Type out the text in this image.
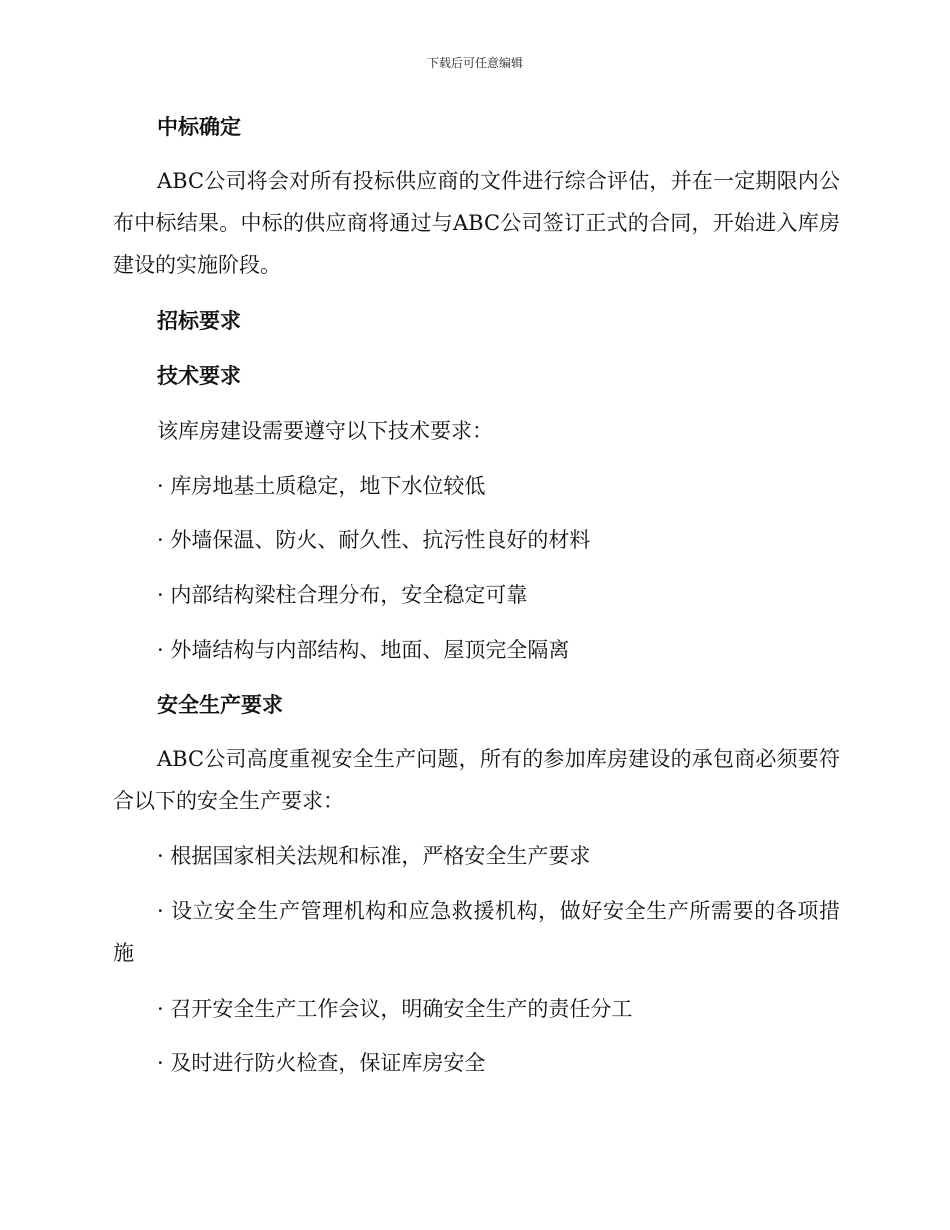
下载后可任意编辑
中标确定
ABC公司将会对所有投标供应商的文件进行综合评估，并在一定期限内公布中标结果。中标的供应商将通过与ABC公司签订正式的合同，开始进入库房建设的实施阶段。
招标要求
技术要求
该库房建设需要遵守以下技术要求：
· 库房地基土质稳定，地下水位较低
· 外墙保温、防火、耐久性、抗污性良好的材料
· 内部结构梁柱合理分布，安全稳定可靠
· 外墙结构与内部结构、地面、屋顶完全隔离
安全生产要求
ABC公司高度重视安全生产问题，所有的参加库房建设的承包商必须要符合以下的安全生产要求：
· 根据国家相关法规和标准，严格安全生产要求
· 设立安全生产管理机构和应急救援机构，做好安全生产所需要的各项措施
· 召开安全生产工作会议，明确安全生产的责任分工
· 及时进行防火检查，保证库房安全
